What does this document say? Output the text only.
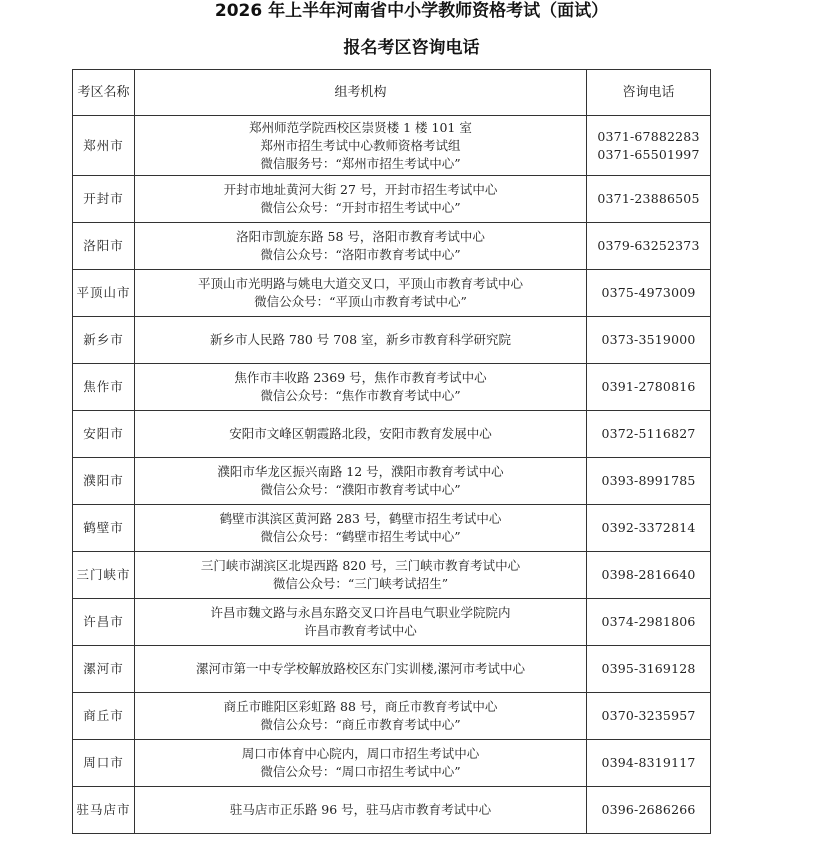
2026 年上半年河南省中小学教师资格考试（面试）
报名考区咨询电话
考区名称	组考机构	咨询电话
郑州市	郑州师范学院西校区崇贤楼 1 楼 101 室
郑州市招生考试中心教师资格考试组
微信服务号：“郑州市招生考试中心”	0371-67882283
0371-65501997

开封市	开封市地址黄河大街 27 号，开封市招生考试中心
微信公众号：“开封市招生考试中心”	0371-23886505

洛阳市	洛阳市凯旋东路 58 号，洛阳市教育考试中心
微信公众号：“洛阳市教育考试中心”	0379-63252373

平顶山市	平顶山市光明路与姚电大道交叉口，平顶山市教育考试中心
微信公众号：“平顶山市教育考试中心”	0375-4973009

新乡市	新乡市人民路 780 号 708 室，新乡市教育科学研究院	0373-3519000

焦作市	焦作市丰收路 2369 号，焦作市教育考试中心
微信公众号：“焦作市教育考试中心”	0391-2780816

安阳市	安阳市文峰区朝霞路北段，安阳市教育发展中心	0372-5116827

濮阳市	濮阳市华龙区振兴南路 12 号，濮阳市教育考试中心
微信公众号：“濮阳市教育考试中心”	0393-8991785

鹤壁市	鹤壁市淇滨区黄河路 283 号，鹤壁市招生考试中心
微信公众号：“鹤壁市招生考试中心”	0392-3372814

三门峡市	三门峡市湖滨区北堤西路 820 号，三门峡市教育考试中心
微信公众号：“三门峡考试招生”	0398-2816640

许昌市	许昌市魏文路与永昌东路交叉口许昌电气职业学院院内
许昌市教育考试中心	0374-2981806

漯河市	漯河市第一中专学校解放路校区东门实训楼,漯河市考试中心	0395-3169128

商丘市	商丘市睢阳区彩虹路 88 号，商丘市教育考试中心
微信公众号：“商丘市教育考试中心”	0370-3235957

周口市	周口市体育中心院内，周口市招生考试中心
微信公众号：“周口市招生考试中心”	0394-8319117

驻马店市	驻马店市正乐路 96 号，驻马店市教育考试中心	0396-2686266
